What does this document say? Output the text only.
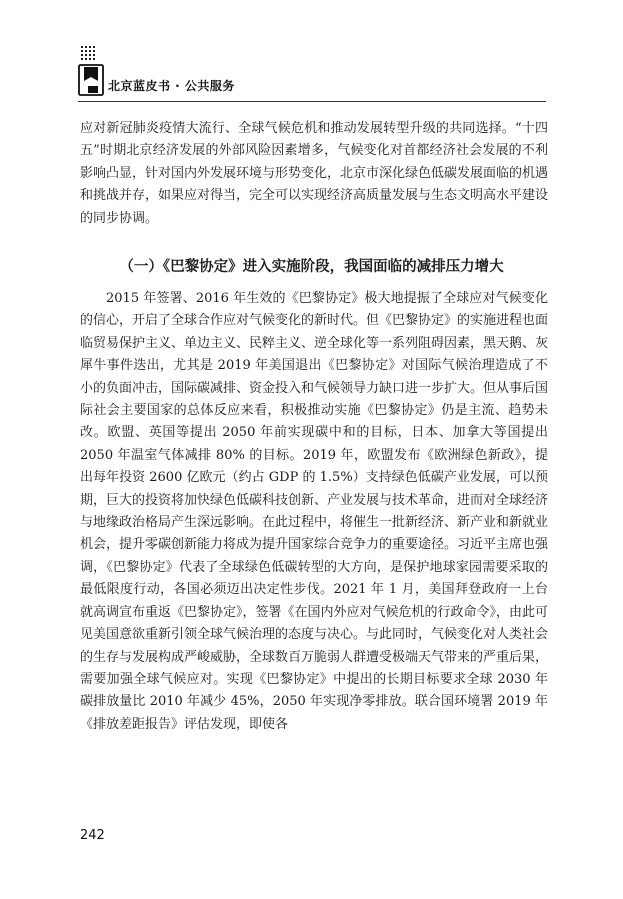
北京蓝皮书 · 公共服务

应对新冠肺炎疫情大流行、全球气候危机和推动发展转型升级的共同选择。“十四五”时期北京经济发展的外部风险因素增多，气候变化对首都经济社会发展的不利影响凸显，针对国内外发展环境与形势变化，北京市深化绿色低碳发展面临的机遇和挑战并存，如果应对得当，完全可以实现经济高质量发展与生态文明高水平建设的同步协调。

（一）《巴黎协定》进入实施阶段，我国面临的减排压力增大

2015 年签署、2016 年生效的《巴黎协定》极大地提振了全球应对气候变化的信心，开启了全球合作应对气候变化的新时代。但《巴黎协定》的实施进程也面临贸易保护主义、单边主义、民粹主义、逆全球化等一系列阻碍因素，黑天鹅、灰犀牛事件迭出，尤其是 2019 年美国退出《巴黎协定》对国际气候治理造成了不小的负面冲击，国际碳减排、资金投入和气候领导力缺口进一步扩大。但从事后国际社会主要国家的总体反应来看，积极推动实施《巴黎协定》仍是主流、趋势未改。欧盟、英国等提出 2050 年前实现碳中和的目标，日本、加拿大等国提出 2050 年温室气体减排 80% 的目标。2019 年，欧盟发布《欧洲绿色新政》，提出每年投资 2600 亿欧元（约占 GDP 的 1.5%）支持绿色低碳产业发展，可以预期，巨大的投资将加快绿色低碳科技创新、产业发展与技术革命，进而对全球经济与地缘政治格局产生深远影响。在此过程中，将催生一批新经济、新产业和新就业机会，提升零碳创新能力将成为提升国家综合竞争力的重要途径。习近平主席也强调，《巴黎协定》代表了全球绿色低碳转型的大方向，是保护地球家园需要采取的最低限度行动，各国必须迈出决定性步伐。2021 年 1 月，美国拜登政府一上台就高调宣布重返《巴黎协定》，签署《在国内外应对气候危机的行政命令》，由此可见美国意欲重新引领全球气候治理的态度与决心。与此同时，气候变化对人类社会的生存与发展构成严峻威胁，全球数百万脆弱人群遭受极端天气带来的严重后果，需要加强全球气候应对。实现《巴黎协定》中提出的长期目标要求全球 2030 年碳排放量比 2010 年减少 45%，2050 年实现净零排放。联合国环境署 2019 年《排放差距报告》评估发现，即使各

242
